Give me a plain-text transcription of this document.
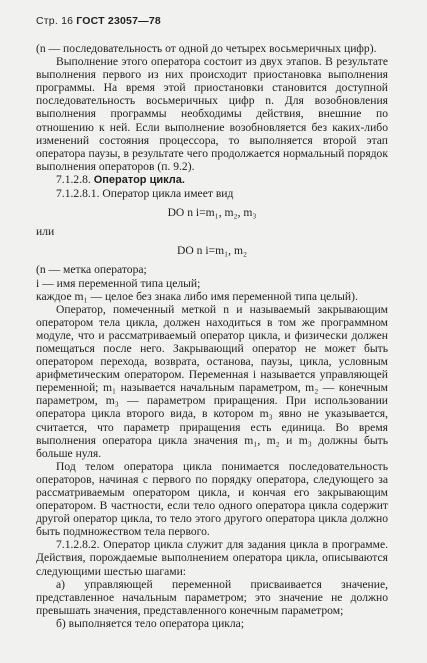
Стр. 16 ГОСТ 23057—78

(n — последовательность от одной до четырех восьмеричных цифр).

Выполнение этого оператора состоит из двух этапов. В результате выполнения первого из них происходит приостановка выполнения программы. На время этой приостановки становится доступной последовательность восьмеричных цифр n. Для возобновления выполнения программы необходимы действия, внешние по отношению к ней. Если выполнение возобновляется без каких-либо изменений состояния процессора, то выполняется второй этап оператора паузы, в результате чего продолжается нормальный порядок выполнения операторов (п. 9.2).

7.1.2.8. Оператор цикла.

7.1.2.8.1. Оператор цикла имеет вид

DO n i=m₁, m₂, m₃

или

DO n i=m₁, m₂

(n — метка оператора;

i — имя переменной типа целый;

каждое m₁ — целое без знака либо имя переменной типа целый).

Оператор, помеченный меткой n и называемый закрывающим оператором тела цикла, должен находиться в том же программном модуле, что и рассматриваемый оператор цикла, и физически должен помещаться после него. Закрывающий оператор не может быть оператором перехода, возврата, останова, паузы, цикла, условным арифметическим оператором. Переменная i называется управляющей переменной; m₁ называется начальным параметром, m₂ — конечным параметром, m₃ — параметром приращения. При использовании оператора цикла второго вида, в котором m₃ явно не указывается, считается, что параметр приращения есть единица. Во время выполнения оператора цикла значения m₁, m₂ и m₃ должны быть больше нуля.

Под телом оператора цикла понимается последовательность операторов, начиная с первого по порядку оператора, следующего за рассматриваемым оператором цикла, и кончая его закрывающим оператором. В частности, если тело одного оператора цикла содержит другой оператор цикла, то тело этого другого оператора цикла должно быть подмножеством тела первого.

7.1.2.8.2. Оператор цикла служит для задания цикла в программе. Действия, порождаемые выполнением оператора цикла, описываются следующими шестью шагами:

а) управляющей переменной присваивается значение, представленное начальным параметром; это значение не должно превышать значения, представленного конечным параметром;

б) выполняется тело оператора цикла;
